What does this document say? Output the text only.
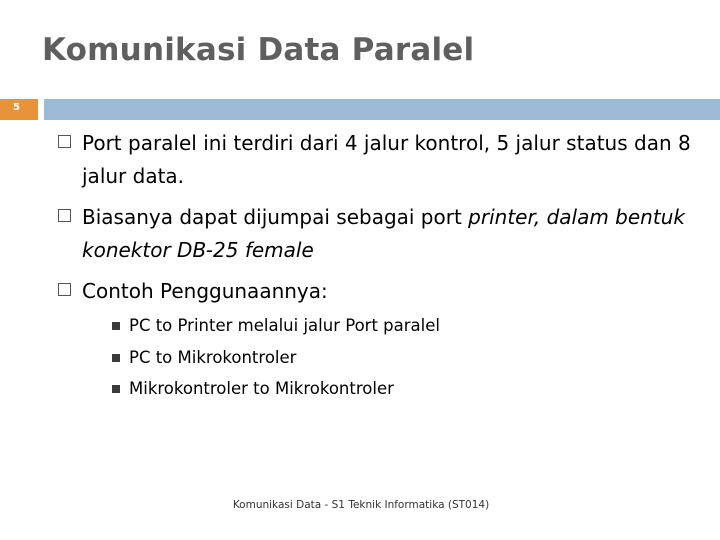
Komunikasi Data Paralel
5
Port paralel ini terdiri dari 4 jalur kontrol, 5 jalur status dan 8 jalur data.
Biasanya dapat dijumpai sebagai port printer, dalam bentuk konektor DB-25 female
Contoh Penggunaannya:
PC to Printer melalui jalur Port paralel
PC to Mikrokontroler
Mikrokontroler to Mikrokontroler
Komunikasi Data - S1 Teknik Informatika (ST014)
